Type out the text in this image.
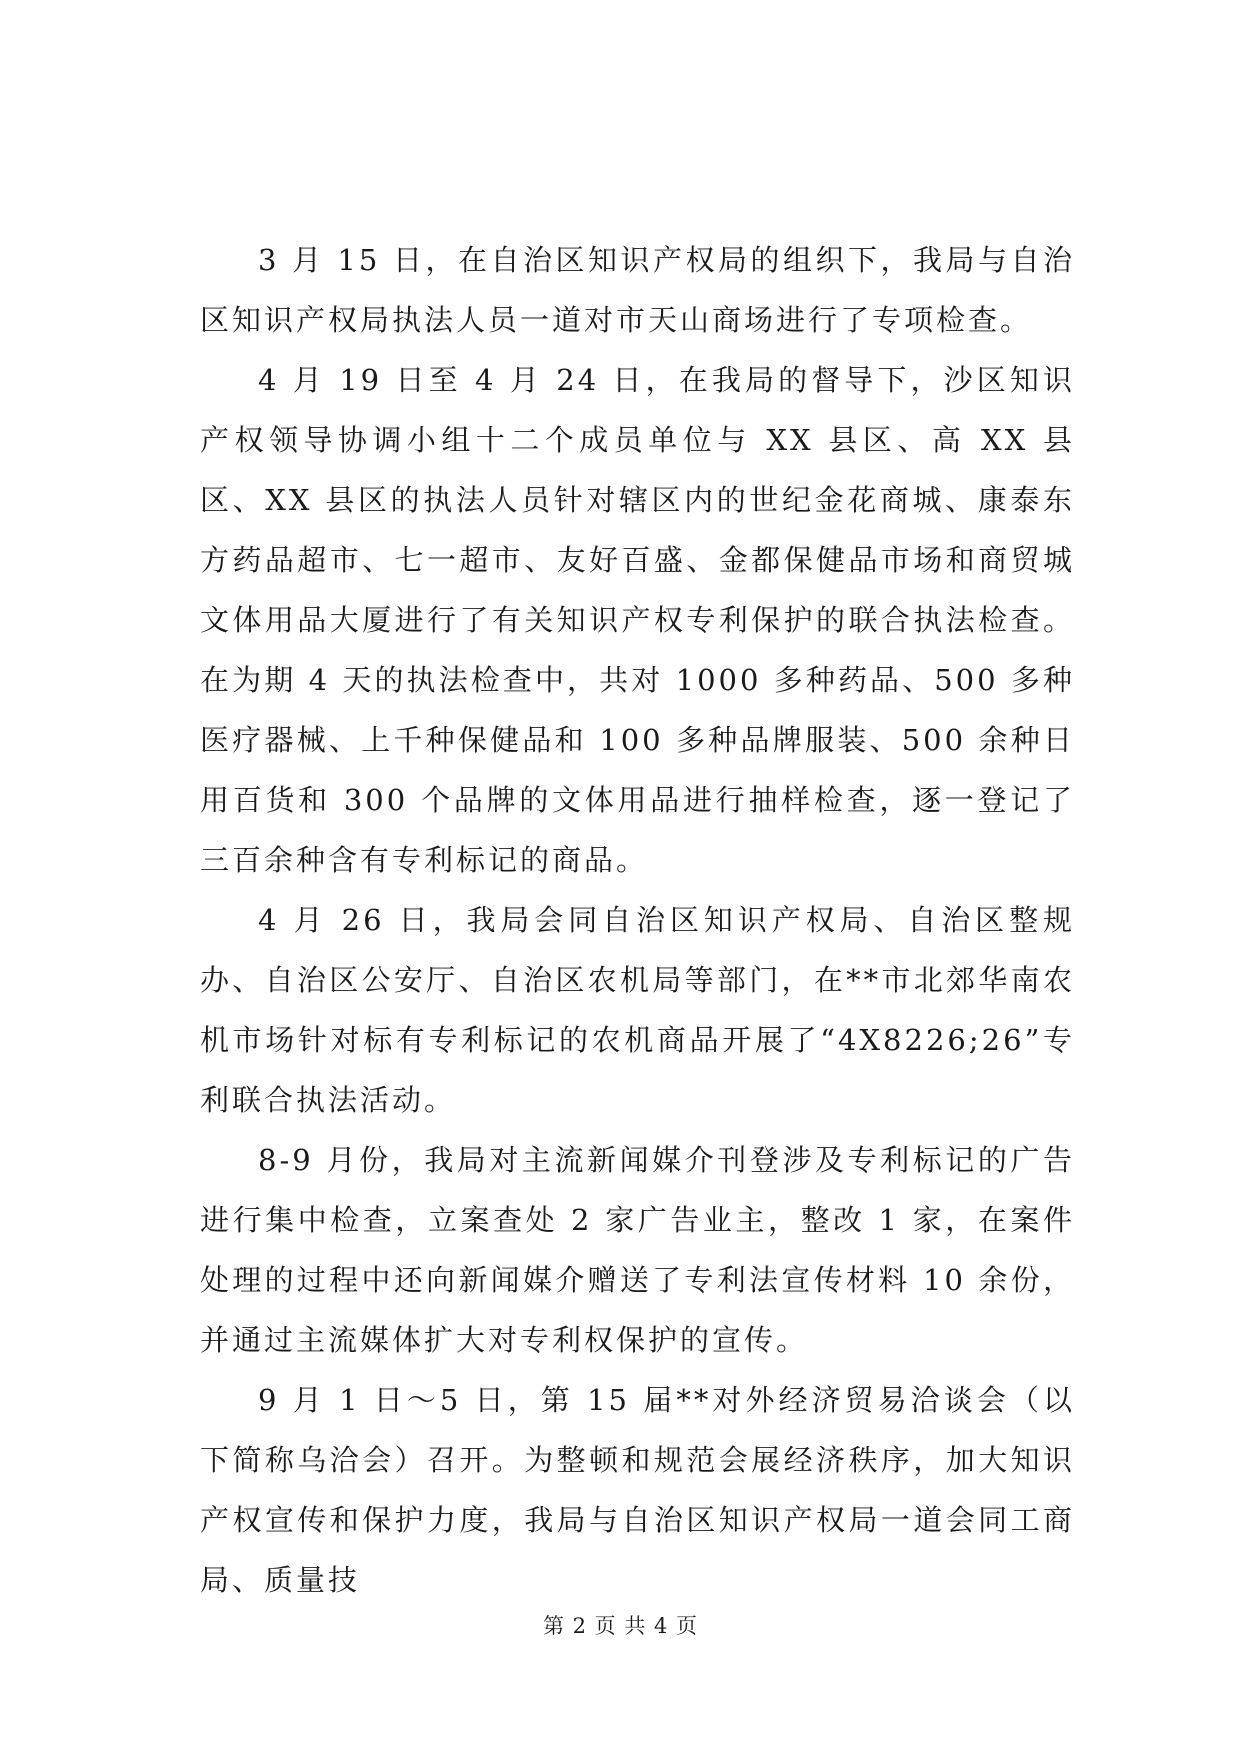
3 月 15 日，在自治区知识产权局的组织下，我局与自治区知识产权局执法人员一道对市天山商场进行了专项检查。

4 月 19 日至 4 月 24 日，在我局的督导下，沙区知识产权领导协调小组十二个成员单位与 XX 县区、高 XX 县区、XX 县区的执法人员针对辖区内的世纪金花商城、康泰东方药品超市、七一超市、友好百盛、金都保健品市场和商贸城文体用品大厦进行了有关知识产权专利保护的联合执法检查。在为期 4 天的执法检查中，共对 1000 多种药品、500 多种医疗器械、上千种保健品和 100 多种品牌服装、500 余种日用百货和 300 个品牌的文体用品进行抽样检查，逐一登记了三百余种含有专利标记的商品。

4 月 26 日，我局会同自治区知识产权局、自治区整规办、自治区公安厅、自治区农机局等部门，在**市北郊华南农机市场针对标有专利标记的农机商品开展了“4X8226;26”专利联合执法活动。

8-9 月份，我局对主流新闻媒介刊登涉及专利标记的广告进行集中检查，立案查处 2 家广告业主，整改 1 家，在案件处理的过程中还向新闻媒介赠送了专利法宣传材料 10 余份，并通过主流媒体扩大对专利权保护的宣传。

9 月 1 日～5 日，第 15 届**对外经济贸易洽谈会（以下简称乌洽会）召开。为整顿和规范会展经济秩序，加大知识产权宣传和保护力度，我局与自治区知识产权局一道会同工商局、质量技

第 2 页 共 4 页
